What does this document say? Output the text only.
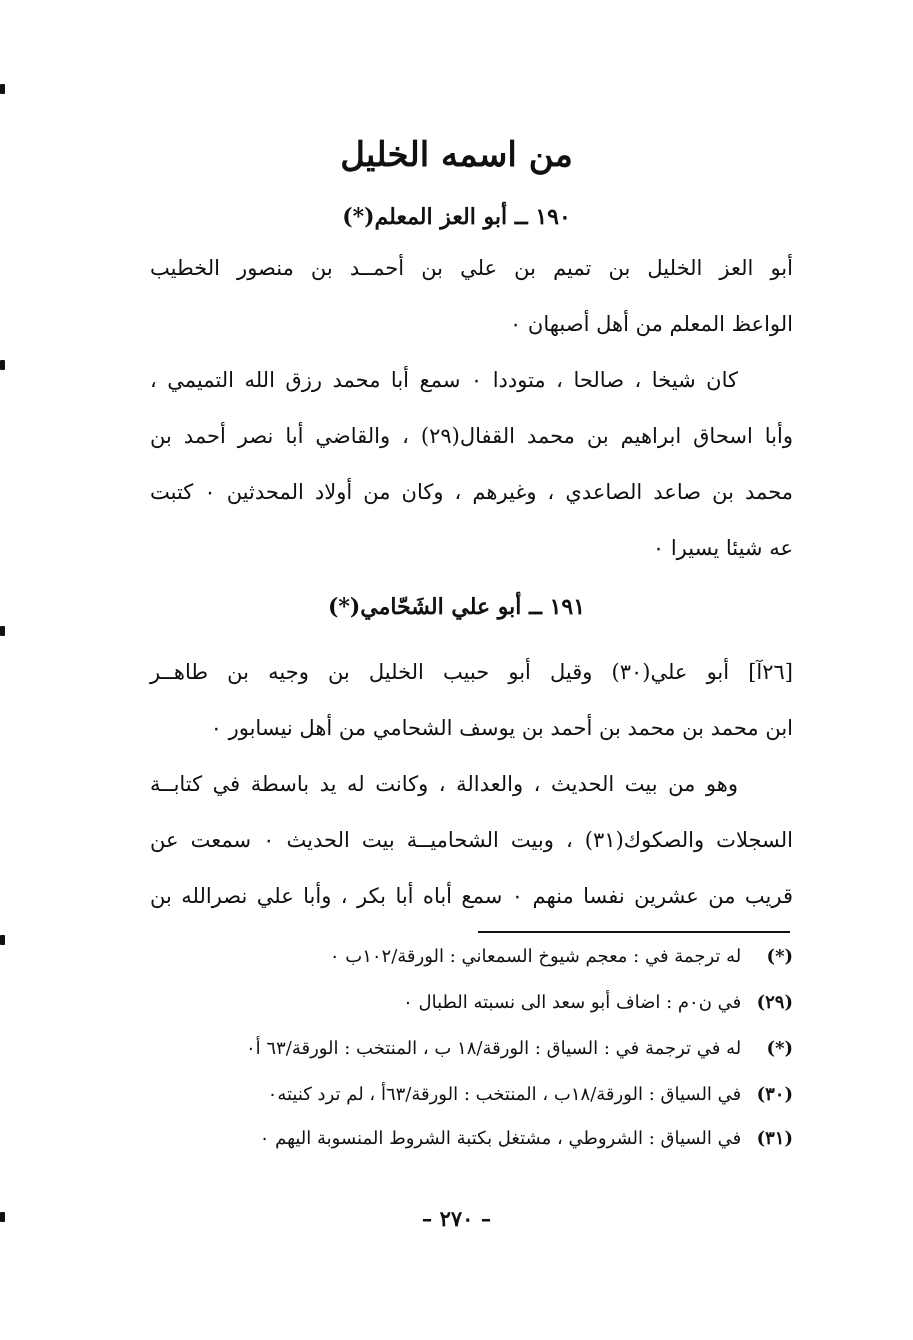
من اسمه الخليل
١٩٠ ــ أبو العز المعلم(*)
أبو العز الخليل بن تميم بن علي بن أحمــد بن منصور الخطيب
الواعظ المعلم من أهل أصبهان ٠
كان شيخا ، صالحا ، متوددا ٠ سمع أبا محمد رزق الله التميمي ،
وأبا اسحاق ابراهيم بن محمد القفال(٢٩) ، والقاضي أبا نصر أحمد بن
محمد بن صاعد الصاعدي ، وغيرهم ، وكان من أولاد المحدثين ٠ كتبت
عه شيئا يسيرا ٠
١٩١ ــ أبو علي الشَحّامي(*)
[٢٦آ] أبو علي(٣٠) وقيل أبو حبيب الخليل بن وجيه بن طاهــر
ابن محمد بن محمد بن أحمد بن يوسف الشحامي من أهل نيسابور ٠
وهو من بيت الحديث ، والعدالة ، وكانت له يد باسطة في كتابــة
السجلات والصكوك(٣١) ، وبيت الشحاميــة بيت الحديث ٠ سمعت عن
قريب من عشرين نفسا منهم ٠ سمع أباه أبا بكر ، وأبا علي نصرالله بن
(*) له ترجمة في : معجم شيوخ السمعاني : الورقة/١٠٢ب ٠
(٢٩) في ن٠م : اضاف أبو سعد الى نسبته الطبال ٠
(*) له في ترجمة في : السياق : الورقة/١٨ ب ، المنتخب : الورقة/٦٣ أ٠
(٣٠) في السياق : الورقة/١٨ب ، المنتخب : الورقة/٦٣أ ، لم ترد كنيته٠
(٣١) في السياق : الشروطي ، مشتغل بكتبة الشروط المنسوبة اليهم ٠
– ٢٧٠ –
